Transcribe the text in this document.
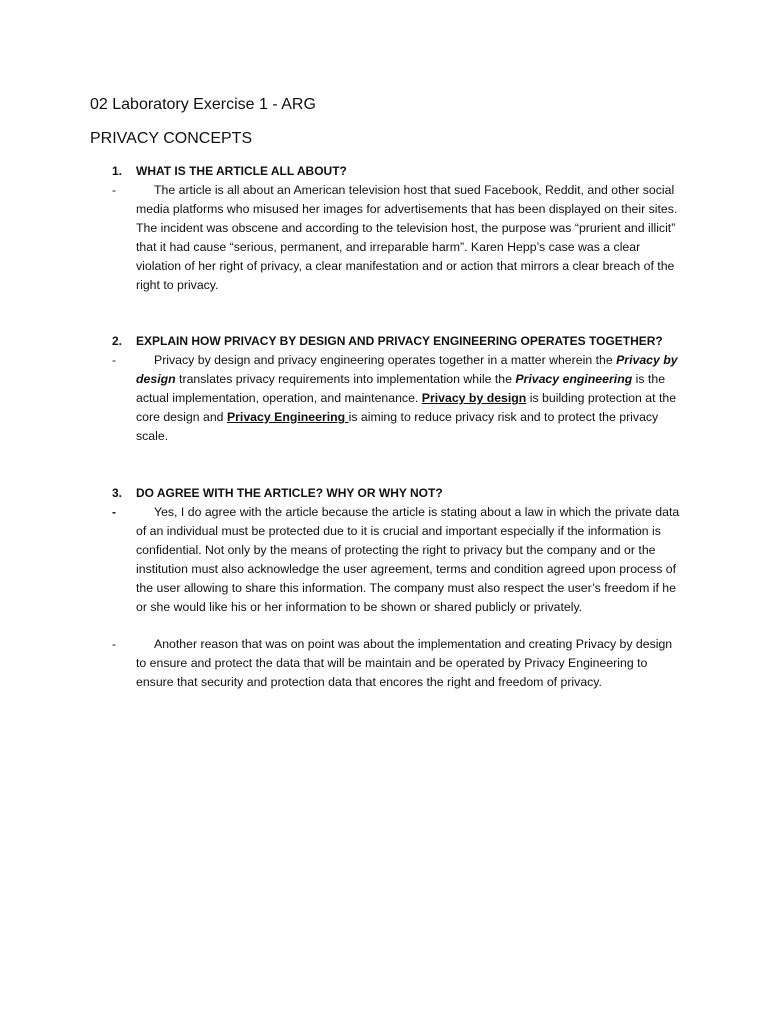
02 Laboratory Exercise 1 - ARG
PRIVACY CONCEPTS
1. WHAT IS THE ARTICLE ALL ABOUT?
-	The article is all about an American television host that sued Facebook, Reddit, and other social media platforms who misused her images for advertisements that has been displayed on their sites. The incident was obscene and according to the television host, the purpose was “prurient and illicit” that it had cause “serious, permanent, and irreparable harm”. Karen Hepp’s case was a clear violation of her right of privacy, a clear manifestation and or action that mirrors a clear breach of the right to privacy.

2. EXPLAIN HOW PRIVACY BY DESIGN AND PRIVACY ENGINEERING OPERATES TOGETHER?
-	Privacy by design and privacy engineering operates together in a matter wherein the Privacy by design translates privacy requirements into implementation while the Privacy engineering is the actual implementation, operation, and maintenance. Privacy by design is building protection at the core design and Privacy Engineering is aiming to reduce privacy risk and to protect the privacy scale.

3. DO AGREE WITH THE ARTICLE? WHY OR WHY NOT?
-	Yes, I do agree with the article because the article is stating about a law in which the private data of an individual must be protected due to it is crucial and important especially if the information is confidential. Not only by the means of protecting the right to privacy but the company and or the institution must also acknowledge the user agreement, terms and condition agreed upon process of the user allowing to share this information. The company must also respect the user’s freedom if he or she would like his or her information to be shown or shared publicly or privately.

-	Another reason that was on point was about the implementation and creating Privacy by design to ensure and protect the data that will be maintain and be operated by Privacy Engineering to ensure that security and protection data that encores the right and freedom of privacy.
